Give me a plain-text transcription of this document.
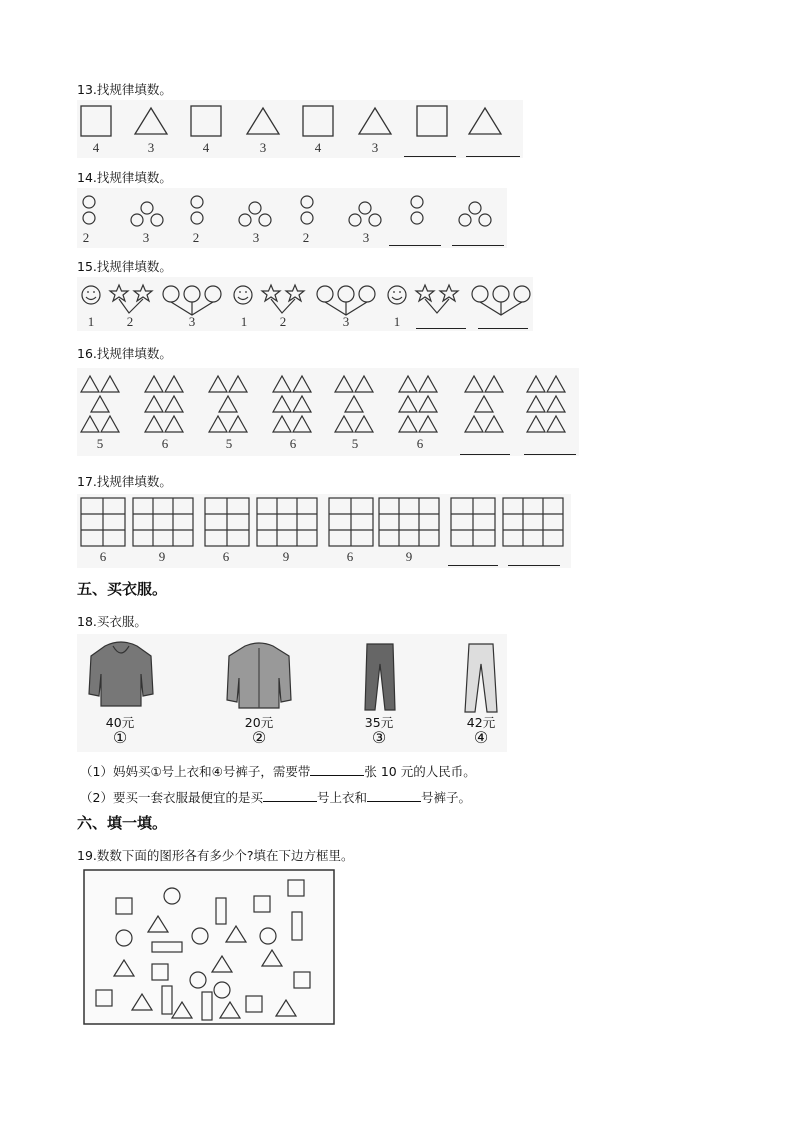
13.找规律填数。
4	3	4	3	4	3
14.找规律填数。
2	3	2	3	2	3
15.找规律填数。
1	2	3	1	2	3	1
16.找规律填数。
5	6	5	6	5	6
17.找规律填数。
6	9	6	9	6	9
五、买衣服。
18.买衣服。
40元
①
20元
②
35元
③
42元
④
（1）妈妈买①号上衣和④号裤子，需要带	张 10 元的人民币。
（2）要买一套衣服最便宜的是买	号上衣和	号裤子。
六、填一填。
19.数数下面的图形各有多少个?填在下边方框里。
